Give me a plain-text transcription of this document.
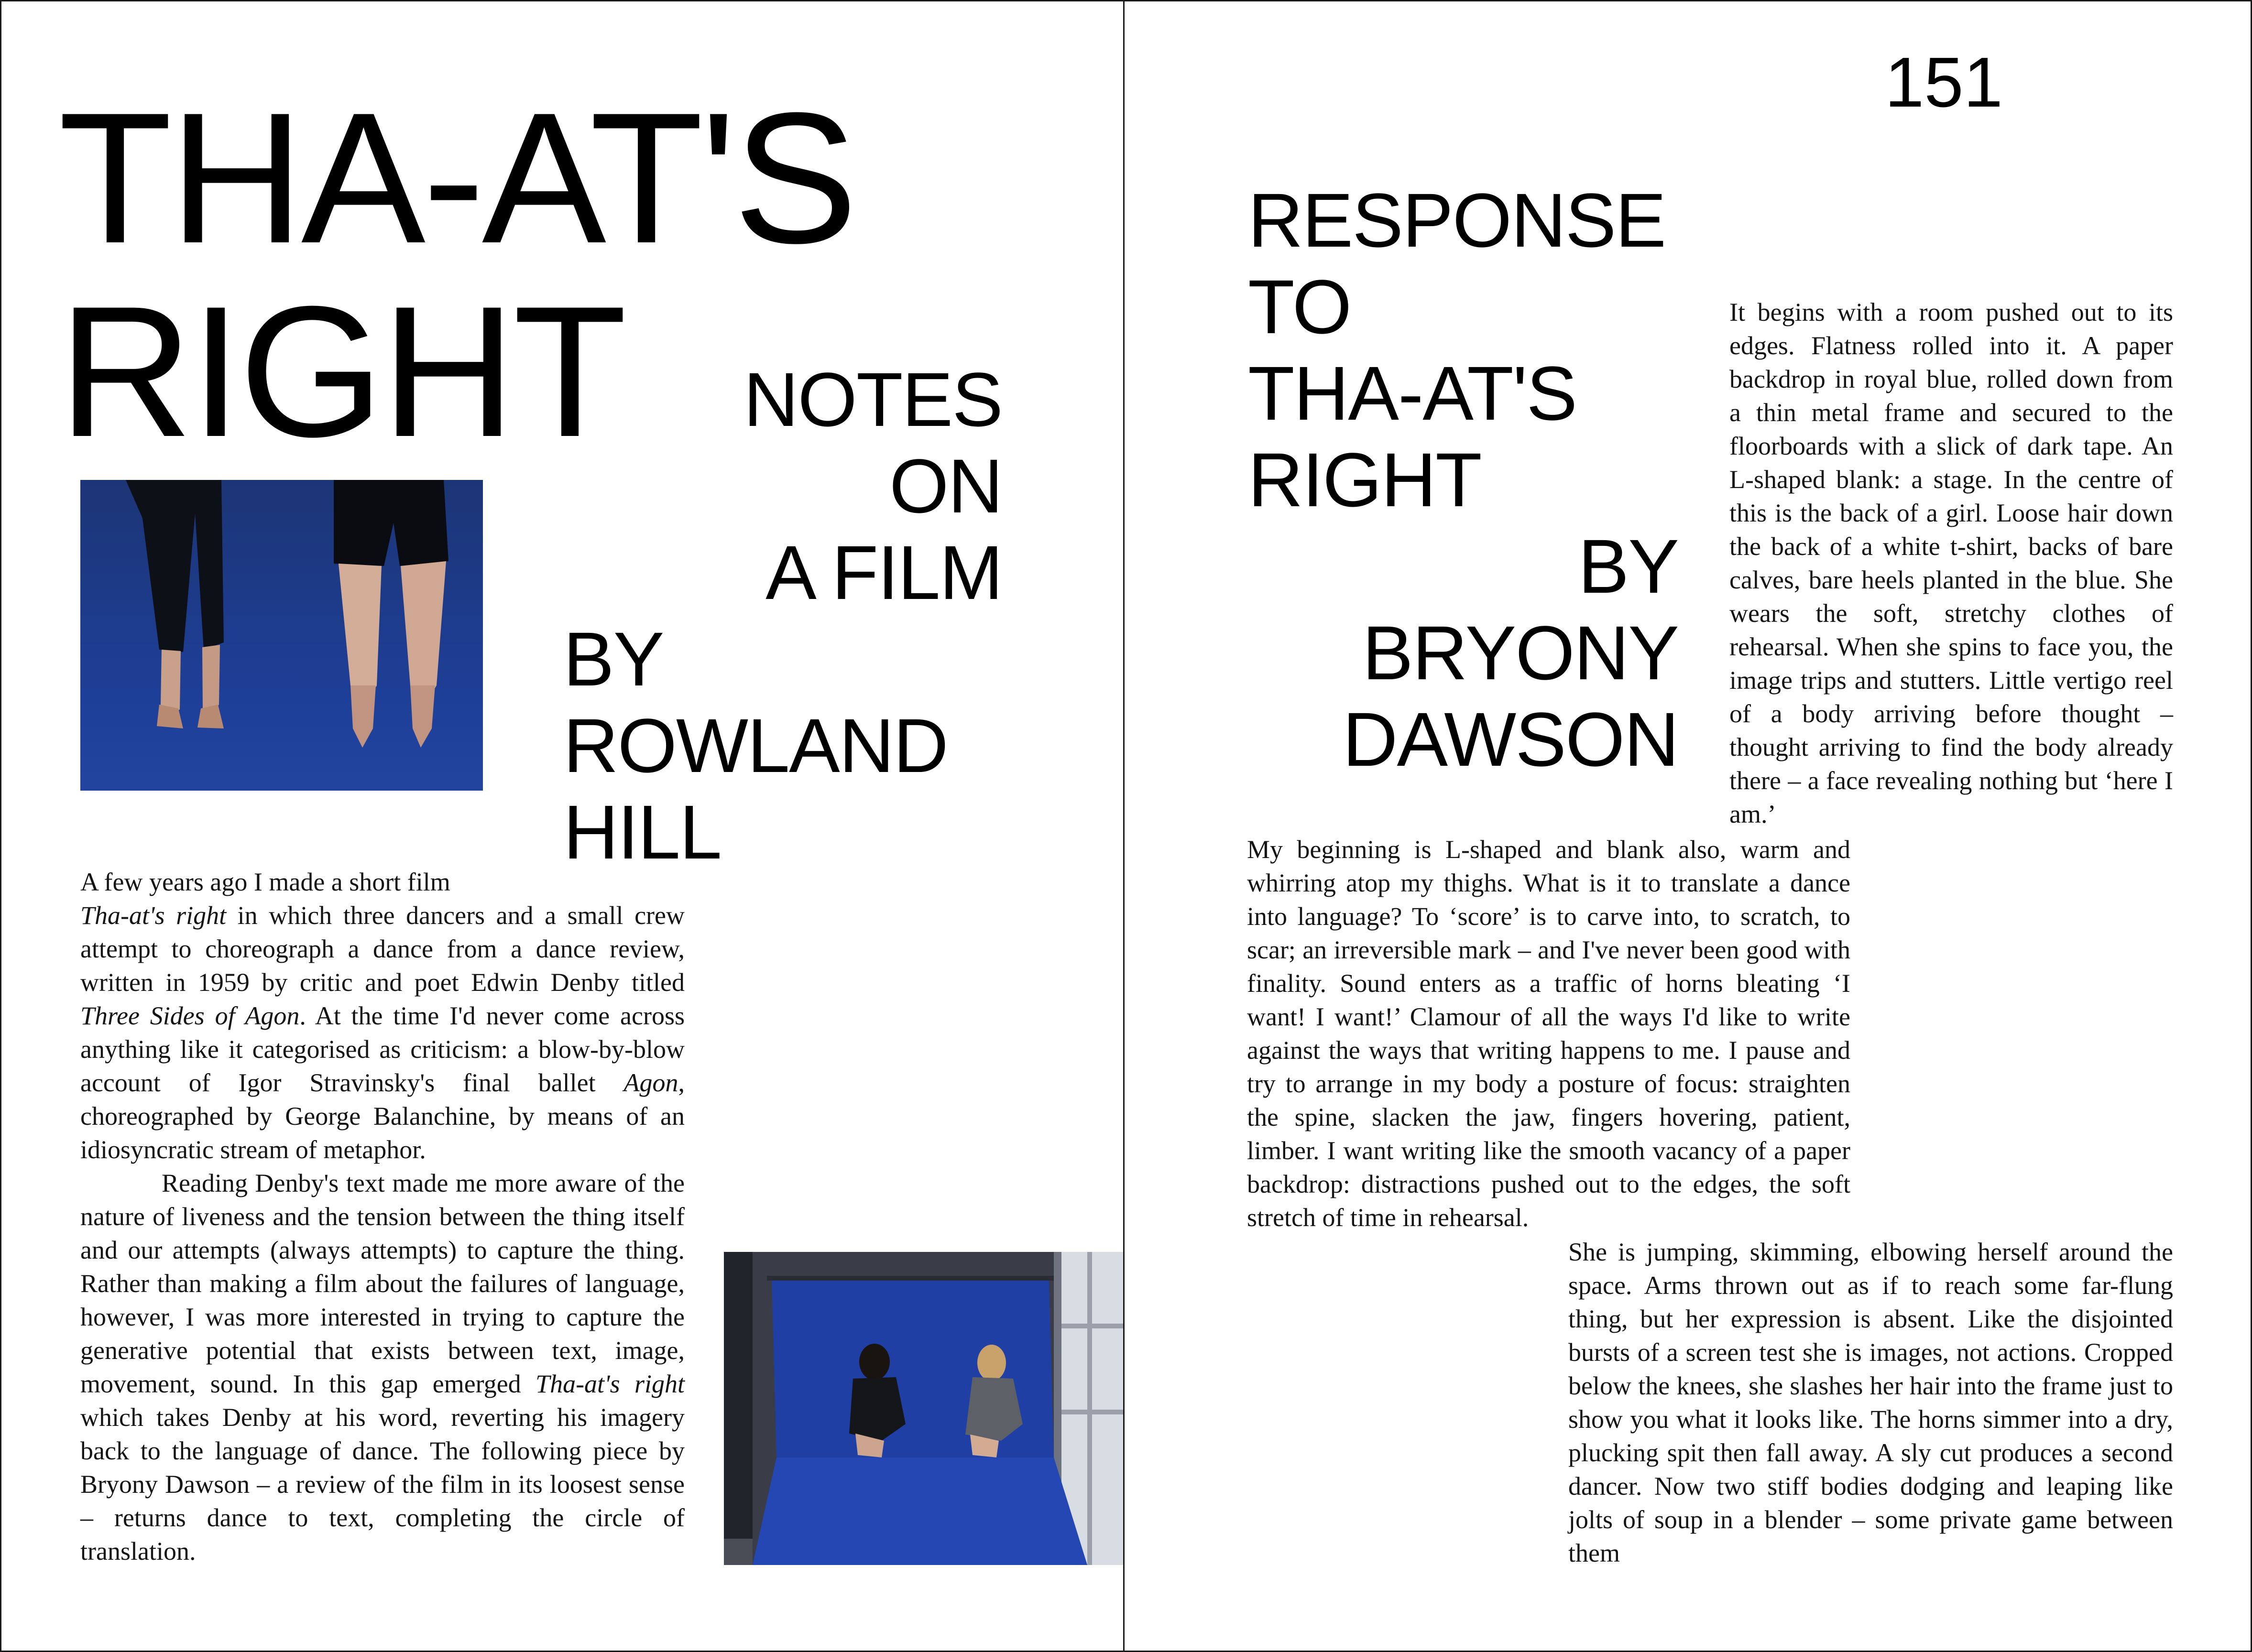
THA-AT'S
RIGHT NOTES
ON
A FILM
BY
ROWLAND
HILL

A few years ago I made a short film
Tha-at's right in which three dancers and a small crew attempt to choreograph a dance from a dance review, written in 1959 by critic and poet Edwin Denby titled Three Sides of Agon. At the time I'd never come across anything like it categorised as criticism: a blow-by-blow account of Igor Stravinsky's final ballet Agon, choreographed by George Balanchine, by means of an idiosyncratic stream of metaphor.

Reading Denby's text made me more aware of the nature of liveness and the tension between the thing itself and our attempts (always attempts) to capture the thing. Rather than making a film about the failures of language, however, I was more interested in trying to capture the generative potential that exists between text, image, movement, sound. In this gap emerged Tha-at's right which takes Denby at his word, reverting his imagery back to the language of dance. The following piece by Bryony Dawson – a review of the film in its loosest sense – returns dance to text, completing the circle of translation.

151
RESPONSE
TO
THA-AT'S
RIGHT
BY
BRYONY
DAWSON

It begins with a room pushed out to its edges. Flatness rolled into it. A paper backdrop in royal blue, rolled down from a thin metal frame and secured to the floorboards with a slick of dark tape. An L-shaped blank: a stage. In the centre of this is the back of a girl. Loose hair down the back of a white t-shirt, backs of bare calves, bare heels planted in the blue. She wears the soft, stretchy clothes of rehearsal. When she spins to face you, the image trips and stutters. Little vertigo reel of a body arriving before thought – thought arriving to find the body already there – a face revealing nothing but ‘here I am.’

My beginning is L-shaped and blank also, warm and whirring atop my thighs. What is it to translate a dance into language? To ‘score’ is to carve into, to scratch, to scar; an irreversible mark – and I've never been good with finality. Sound enters as a traffic of horns bleating ‘I want! I want!’ Clamour of all the ways I'd like to write against the ways that writing happens to me. I pause and try to arrange in my body a posture of focus: straighten the spine, slacken the jaw, fingers hovering, patient, limber. I want writing like the smooth vacancy of a paper backdrop: distractions pushed out to the edges, the soft stretch of time in rehearsal.

She is jumping, skimming, elbowing herself around the space. Arms thrown out as if to reach some far-flung thing, but her expression is absent. Like the disjointed bursts of a screen test she is images, not actions. Cropped below the knees, she slashes her hair into the frame just to show you what it looks like. The horns simmer into a dry, plucking spit then fall away. A sly cut produces a second dancer. Now two stiff bodies dodging and leaping like jolts of soup in a blender – some private game between them
